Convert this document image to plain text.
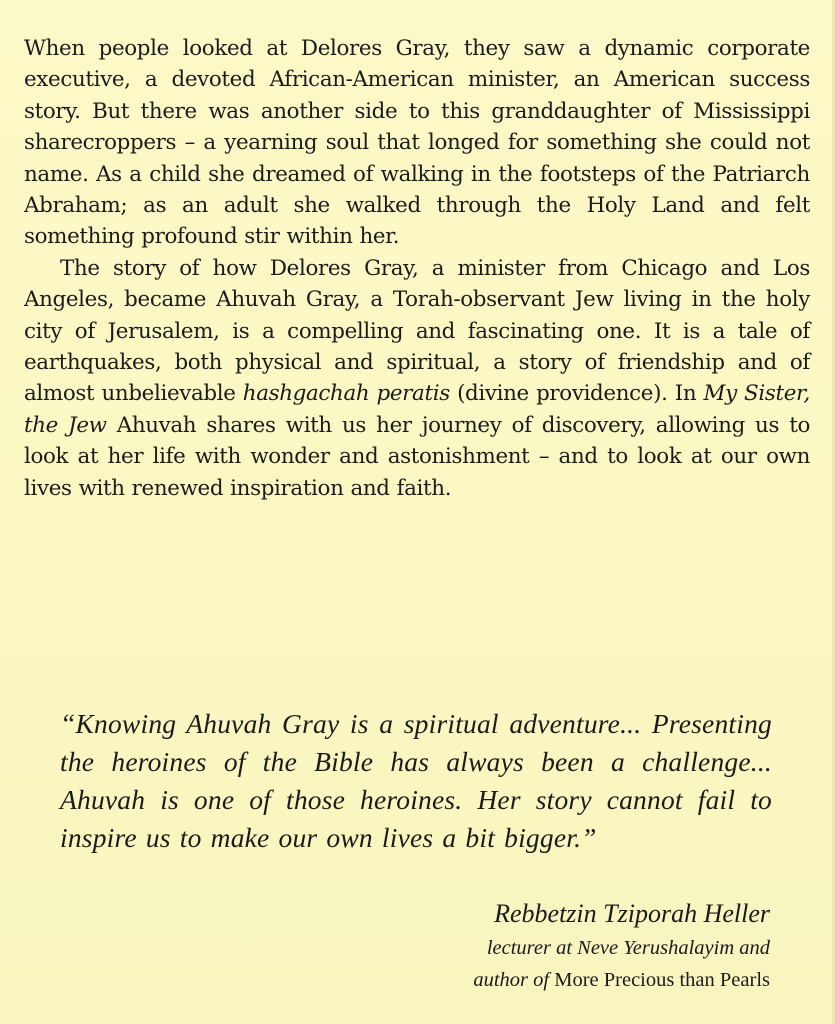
When people looked at Delores Gray, they saw a dynamic corporate executive, a devoted African-American minister, an American success story. But there was another side to this granddaughter of Mississippi sharecroppers – a yearning soul that longed for something she could not name. As a child she dreamed of walking in the footsteps of the Patriarch Abraham; as an adult she walked through the Holy Land and felt something profound stir within her.

The story of how Delores Gray, a minister from Chicago and Los Angeles, became Ahuvah Gray, a Torah-observant Jew living in the holy city of Jerusalem, is a compelling and fascinating one. It is a tale of earthquakes, both physical and spiritual, a story of friendship and of almost unbelievable hashgachah peratis (divine providence). In My Sister, the Jew Ahuvah shares with us her journey of discovery, allowing us to look at her life with wonder and astonishment – and to look at our own lives with renewed inspiration and faith.

“Knowing Ahuvah Gray is a spiritual adventure... Presenting the heroines of the Bible has always been a challenge... Ahuvah is one of those heroines. Her story cannot fail to inspire us to make our own lives a bit bigger.”
Rebbetzin Tziporah Heller
lecturer at Neve Yerushalayim and
author of More Precious than Pearls
